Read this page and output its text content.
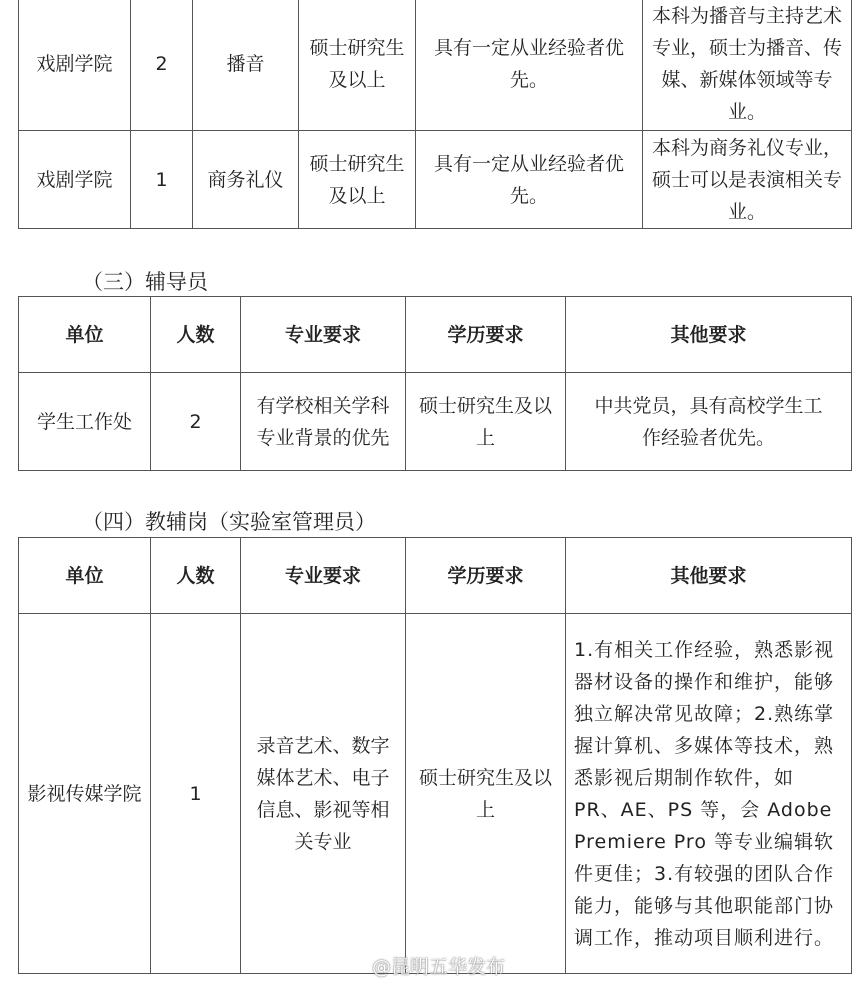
戏剧学院	2	播音	硕士研究生及以上	具有一定从业经验者优先。	本科为播音与主持艺术专业，硕士为播音、传媒、新媒体领域等专业。
戏剧学院	1	商务礼仪	硕士研究生及以上	具有一定从业经验者优先。	本科为商务礼仪专业，硕士可以是表演相关专业。
（三）辅导员
单位	人数	专业要求	学历要求	其他要求
学生工作处	2	有学校相关学科专业背景的优先	硕士研究生及以上	中共党员，具有高校学生工作经验者优先。
（四）教辅岗（实验室管理员）
单位	人数	专业要求	学历要求	其他要求
影视传媒学院	1	录音艺术、数字媒体艺术、电子信息、影视等相关专业	硕士研究生及以上	1.有相关工作经验，熟悉影视器材设备的操作和维护，能够独立解决常见故障；2.熟练掌握计算机、多媒体等技术，熟悉影视后期制作软件，如 PR、AE、PS 等，会 Adobe Premiere Pro 等专业编辑软件更佳；3.有较强的团队合作能力，能够与其他职能部门协调工作，推动项目顺利进行。
@昆明五华发布
